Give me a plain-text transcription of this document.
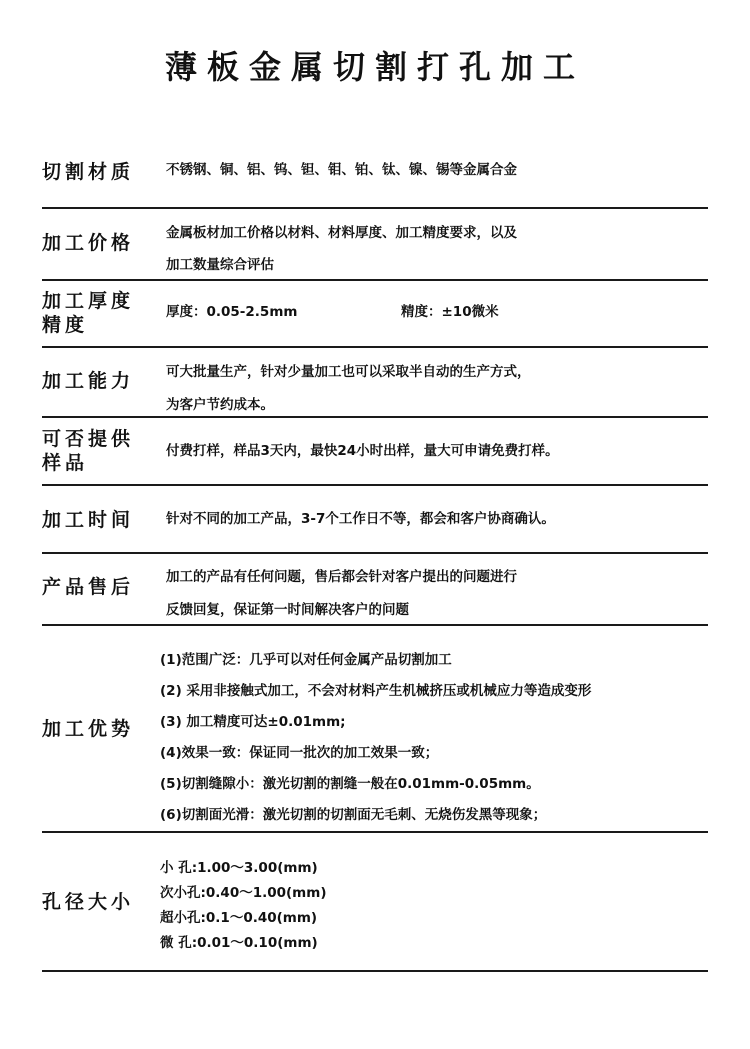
薄板金属切割打孔加工
切割材质 不锈钢、铜、铝、钨、钽、钼、铂、钛、镍、锡等金属合金
加工价格 金属板材加工价格以材料、材料厚度、加工精度要求，以及
加工数量综合评估
加工厚度
精度
厚度：0.05-2.5mm	精度：±10微米
加工能力 可大批量生产，针对少量加工也可以采取半自动的生产方式，
为客户节约成本。
可否提供
样品
付费打样，样品3天内，最快24小时出样，量大可申请免费打样。
加工时间 针对不同的加工产品，3-7个工作日不等，都会和客户协商确认。
产品售后 加工的产品有任何问题，售后都会针对客户提出的问题进行
反馈回复，保证第一时间解决客户的问题
加工优势
(1)范围广泛：几乎可以对任何金属产品切割加工
(2) 采用非接触式加工，不会对材料产生机械挤压或机械应力等造成变形
(3) 加工精度可达±0.01mm;
(4)效果一致：保证同一批次的加工效果一致；
(5)切割缝隙小：激光切割的割缝一般在0.01mm-0.05mm。
(6)切割面光滑：激光切割的切割面无毛刺、无烧伤发黑等现象；
孔径大小
小 孔:1.00～3.00(mm)
次小孔:0.40～1.00(mm)
超小孔:0.1～0.40(mm)
微 孔:0.01～0.10(mm)
